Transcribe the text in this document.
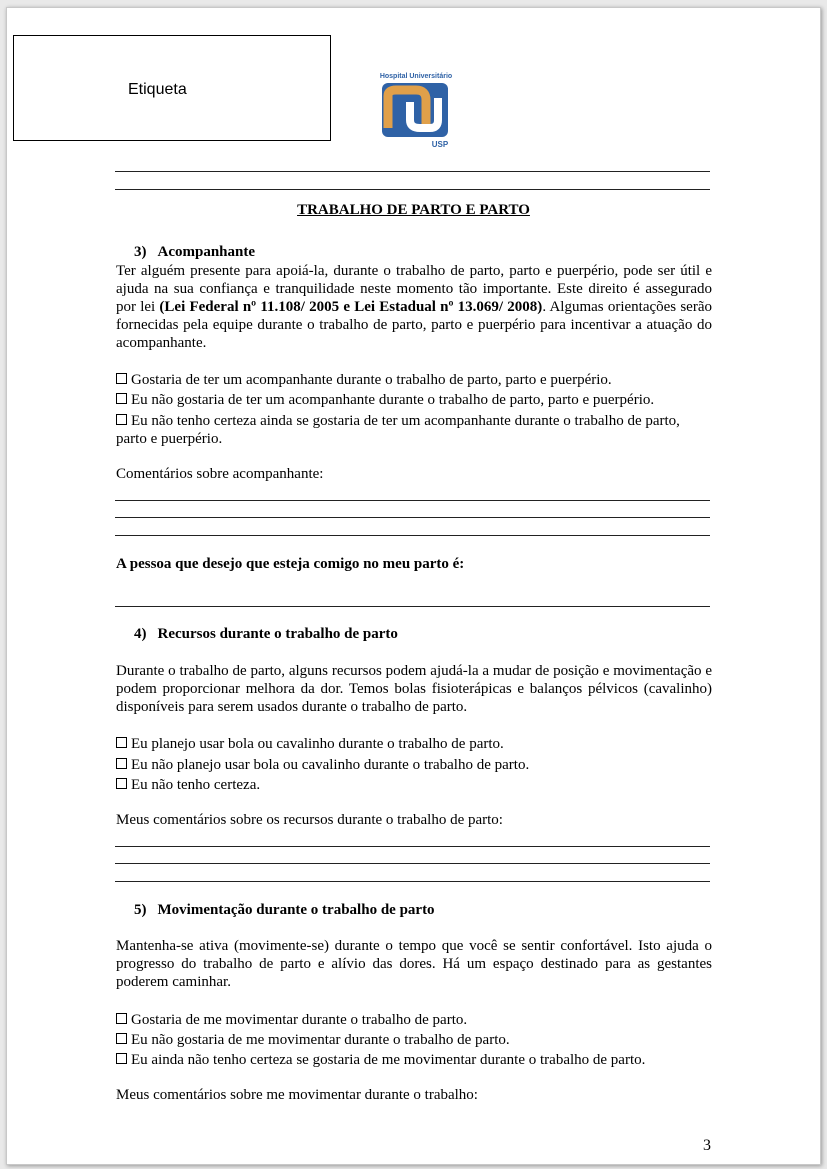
Etiqueta
Hospital Universitário
USP
TRABALHO DE PARTO E PARTO
3) Acompanhante
Ter alguém presente para apoiá-la, durante o trabalho de parto, parto e puerpério, pode ser útil e ajuda na sua confiança e tranquilidade neste momento tão importante. Este direito é assegurado por lei (Lei Federal nº 11.108/ 2005 e Lei Estadual nº 13.069/ 2008). Algumas orientações serão fornecidas pela equipe durante o trabalho de parto, parto e puerpério para incentivar a atuação do acompanhante.
Gostaria de ter um acompanhante durante o trabalho de parto, parto e puerpério.
Eu não gostaria de ter um acompanhante durante o trabalho de parto, parto e puerpério.
Eu não tenho certeza ainda se gostaria de ter um acompanhante durante o trabalho de parto, parto e puerpério.
Comentários sobre acompanhante:
A pessoa que desejo que esteja comigo no meu parto é:
4) Recursos durante o trabalho de parto
Durante o trabalho de parto, alguns recursos podem ajudá-la a mudar de posição e movimentação e podem proporcionar melhora da dor. Temos bolas fisioterápicas e balanços pélvicos (cavalinho) disponíveis para serem usados durante o trabalho de parto.
Eu planejo usar bola ou cavalinho durante o trabalho de parto.
Eu não planejo usar bola ou cavalinho durante o trabalho de parto.
Eu não tenho certeza.
Meus comentários sobre os recursos durante o trabalho de parto:
5) Movimentação durante o trabalho de parto
Mantenha-se ativa (movimente-se) durante o tempo que você se sentir confortável. Isto ajuda o progresso do trabalho de parto e alívio das dores. Há um espaço destinado para as gestantes poderem caminhar.
Gostaria de me movimentar durante o trabalho de parto.
Eu não gostaria de me movimentar durante o trabalho de parto.
Eu ainda não tenho certeza se gostaria de me movimentar durante o trabalho de parto.
Meus comentários sobre me movimentar durante o trabalho:
3
